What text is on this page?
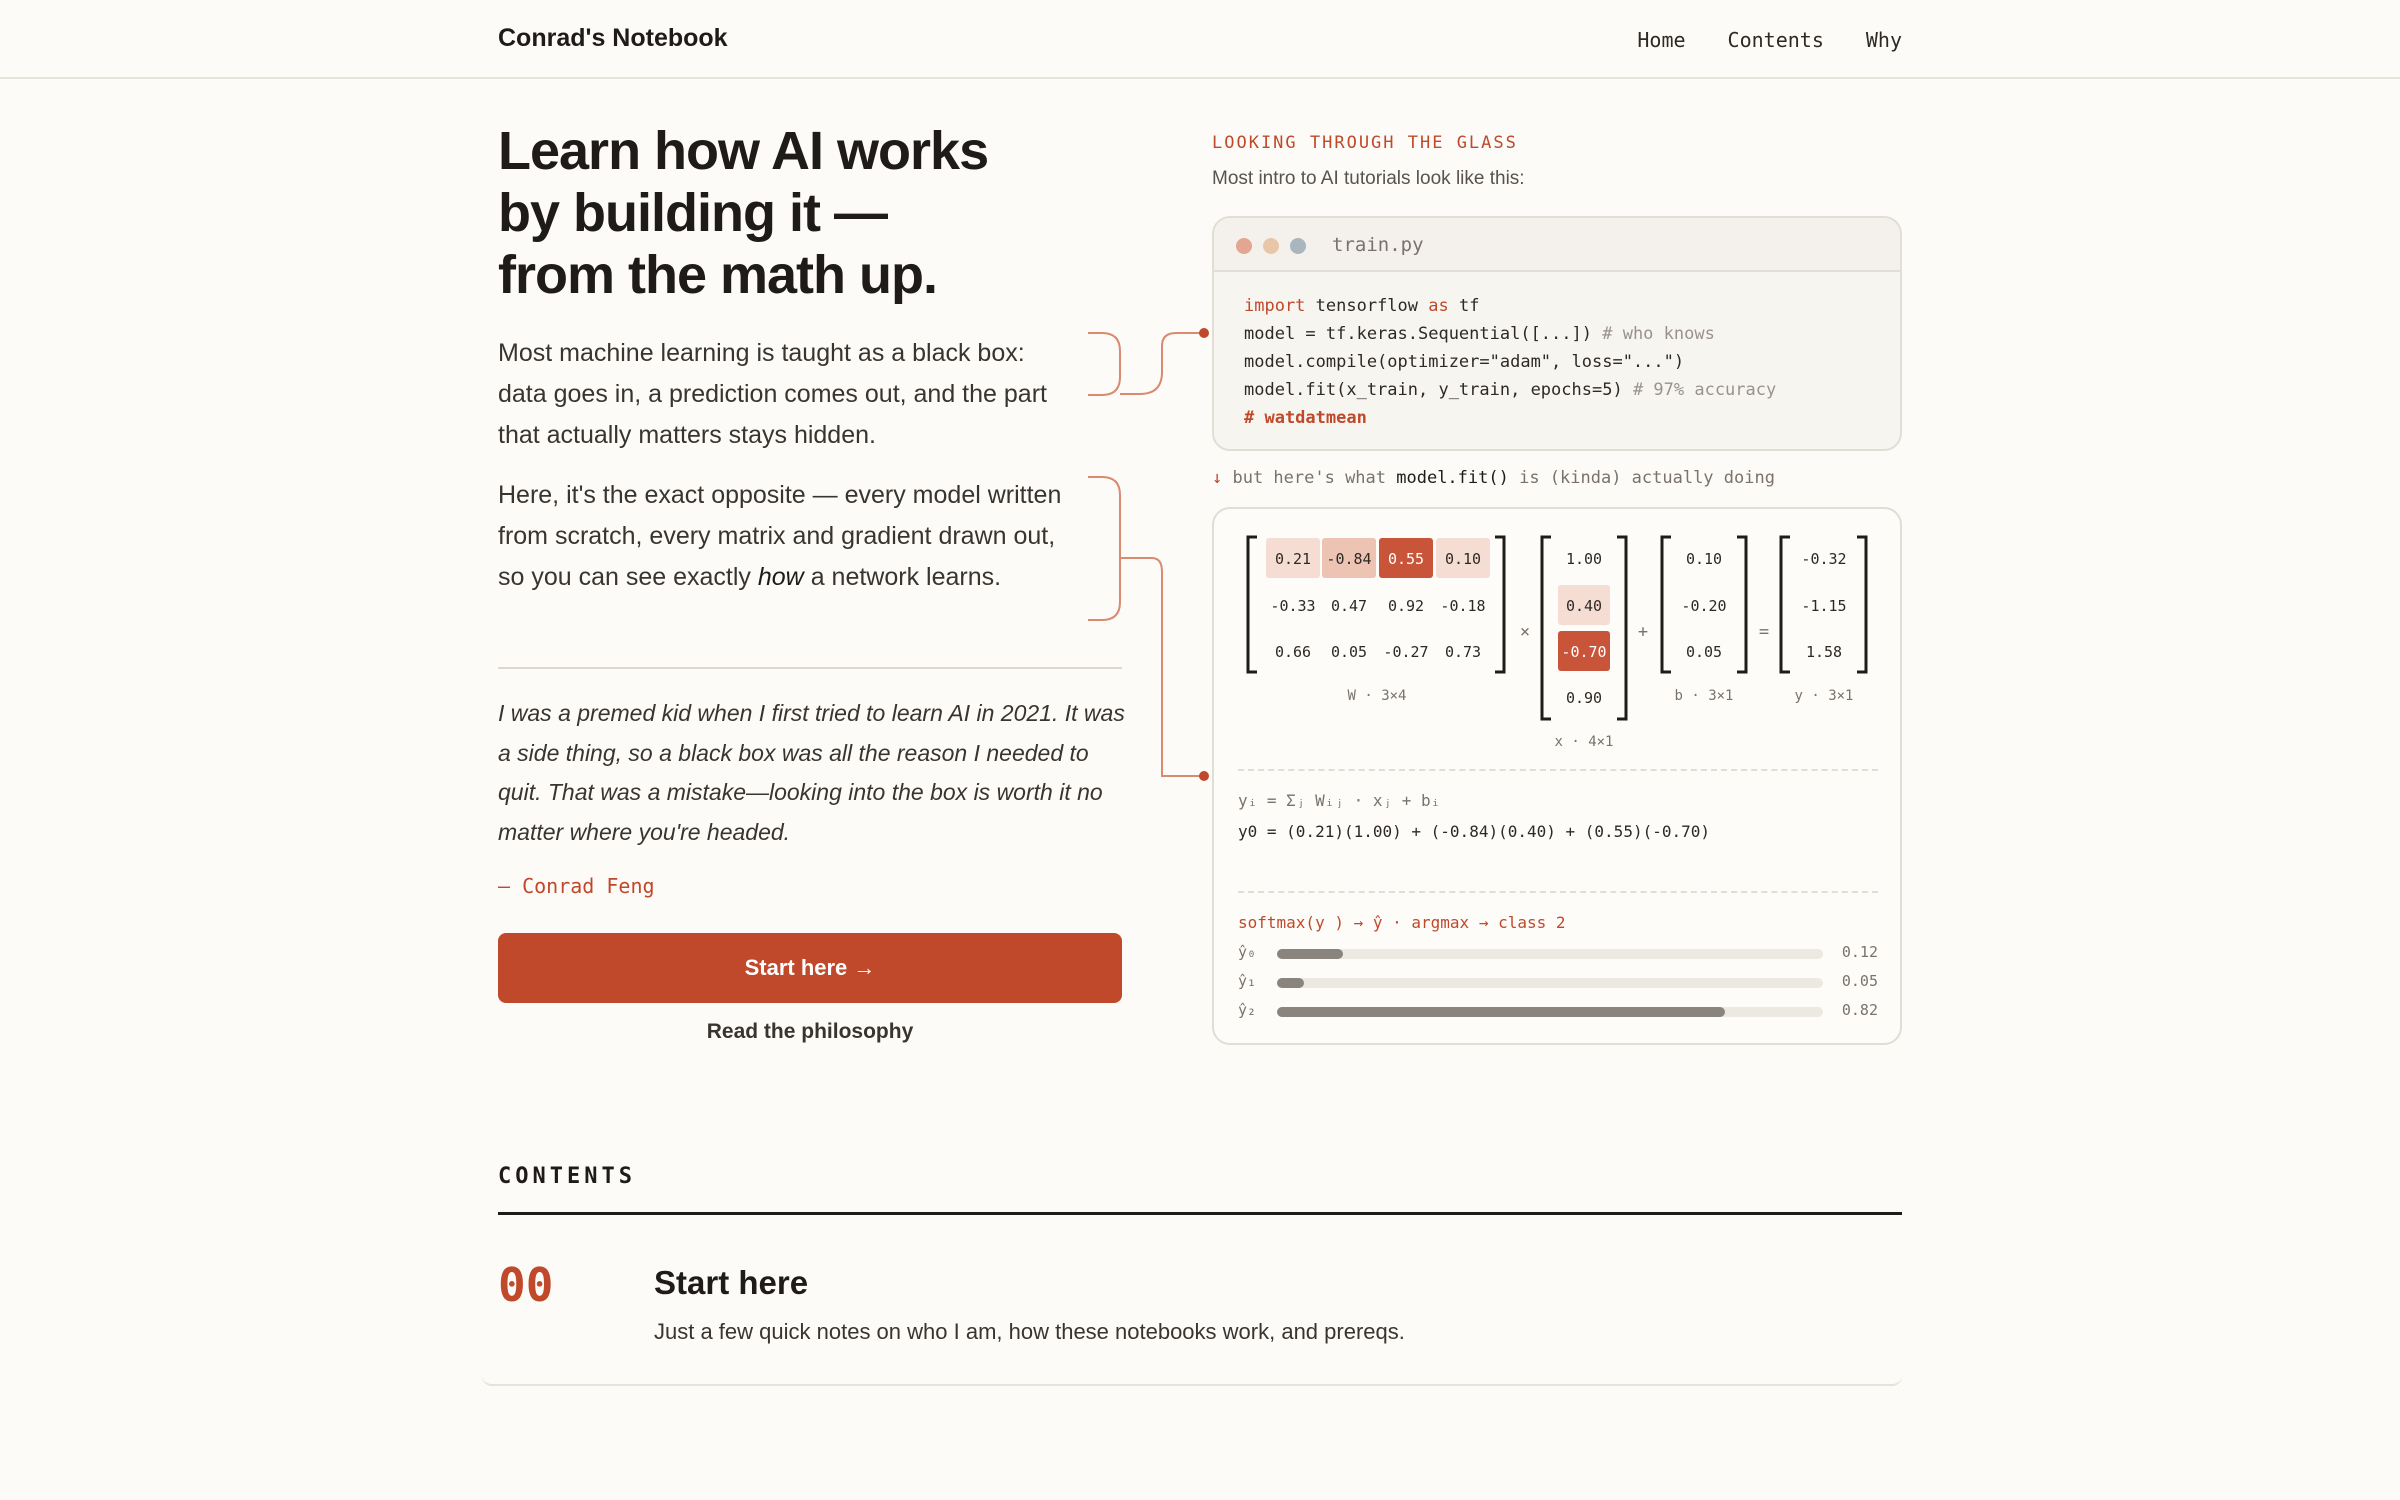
Conrad's Notebook	Home Contents Why
Learn how AI works
by building it —
from the math up.

Most machine learning is taught as a black box: data goes in, a prediction comes out, and the part that actually matters stays hidden.

Here, it's the exact opposite — every model written from scratch, every matrix and gradient drawn out, so you can see exactly how a network learns.

I was a premed kid when I first tried to learn AI in 2021. It was a side thing, so a black box was all the reason I needed to quit. That was a mistake—looking into the box is worth it no matter where you're headed.

— Conrad Feng
Start here →
Read the philosophy
LOOKING THROUGH THE GLASS
Most intro to AI tutorials look like this:
train.py
import tensorflow as tf
model = tf.keras.Sequential([...]) # who knows
model.compile(optimizer="adam", loss="...")
model.fit(x_train, y_train, epochs=5) # 97% accuracy
# watdatmean
↓ but here's what model.fit() is (kinda) actually doing
0.21 -0.84 0.55 0.10
-0.33 0.47 0.92 -0.18
0.66 0.05 -0.27 0.73
W · 3×4
×
1.00
0.40
-0.70
0.90
x · 4×1
+
0.10
-0.20
0.05
b · 3×1
=
-0.32
-1.15
1.58
y · 3×1
yᵢ = Σⱼ Wᵢⱼ · xⱼ + bᵢ
y0 = (0.21)(1.00) + (-0.84)(0.40) + (0.55)(-0.70)
softmax(y ) → ŷ · argmax → class 2
ŷ₀	0.12
ŷ₁	0.05
ŷ₂	0.82
CONTENTS
00	Start here
Just a few quick notes on who I am, how these notebooks work, and prereqs.
